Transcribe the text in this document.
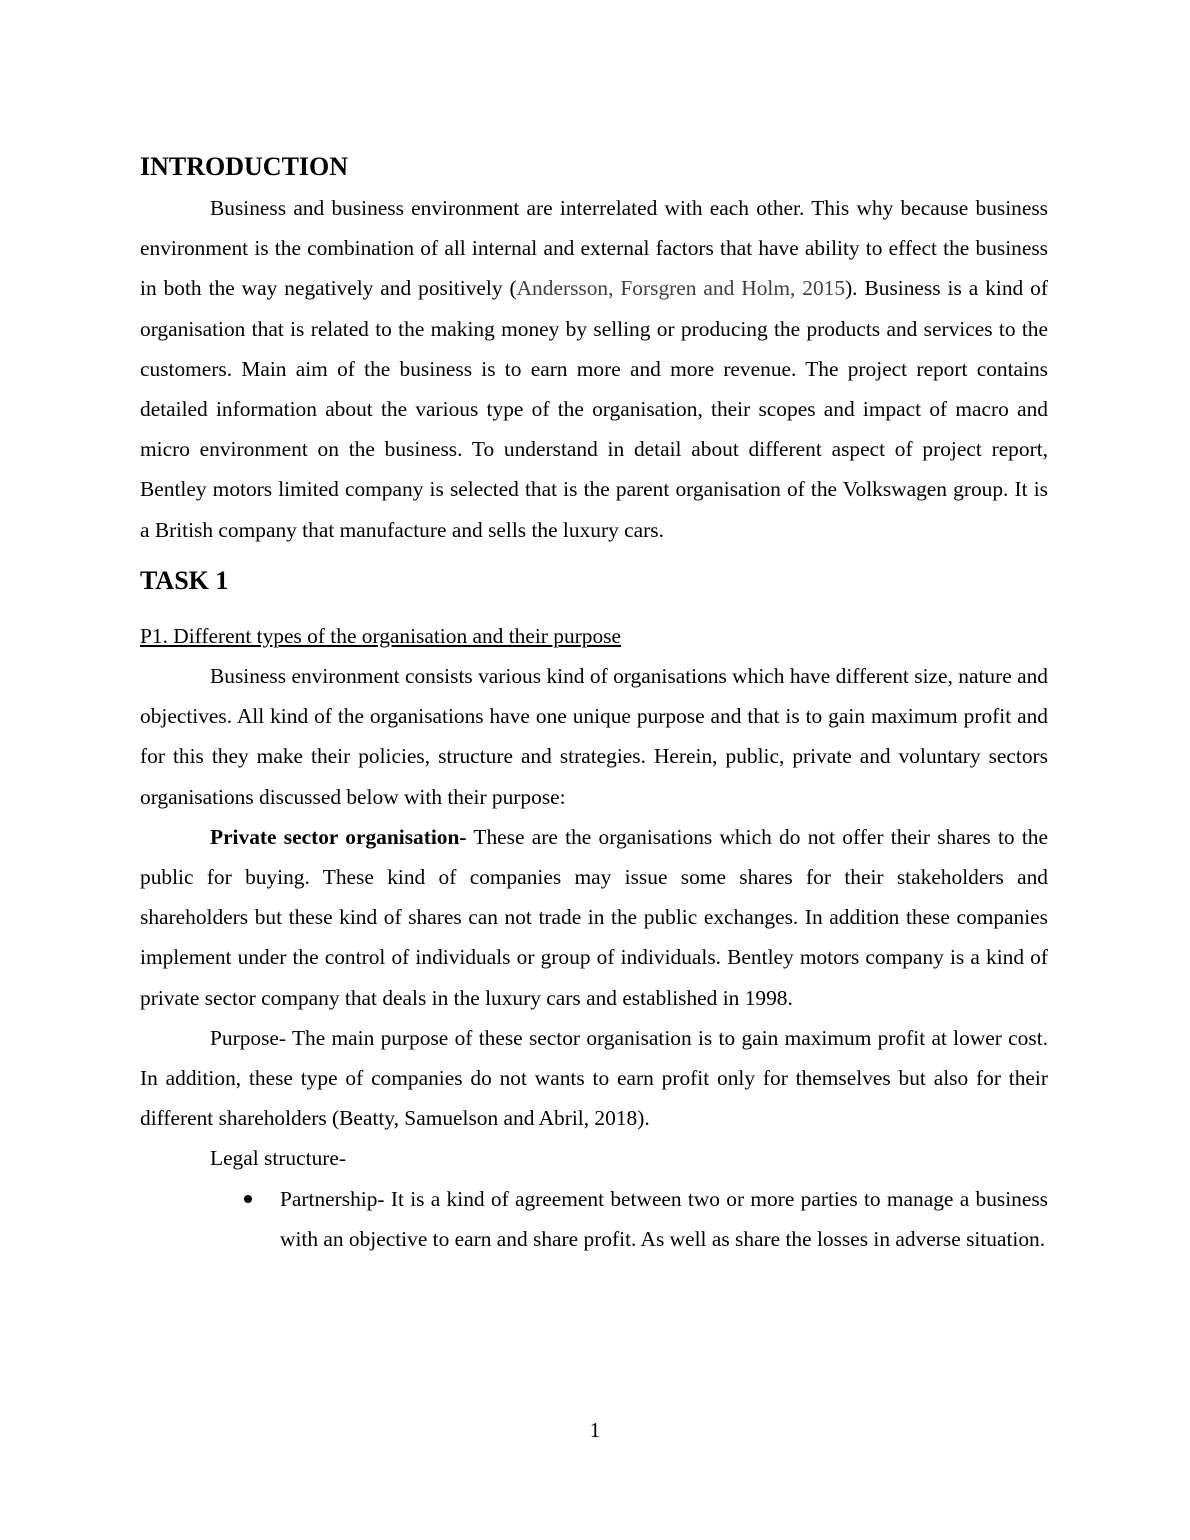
INTRODUCTION

Business and business environment are interrelated with each other. This why because business environment is the combination of all internal and external factors that have ability to effect the business in both the way negatively and positively (Andersson, Forsgren and Holm, 2015). Business is a kind of organisation that is related to the making money by selling or producing the products and services to the customers. Main aim of the business is to earn more and more revenue. The project report contains detailed information about the various type of the organisation, their scopes and impact of macro and micro environment on the business. To understand in detail about different aspect of project report, Bentley motors limited company is selected that is the parent organisation of the Volkswagen group. It is a British company that manufacture and sells the luxury cars.

TASK 1

P1. Different types of the organisation and their purpose

Business environment consists various kind of organisations which have different size, nature and objectives. All kind of the organisations have one unique purpose and that is to gain maximum profit and for this they make their policies, structure and strategies. Herein, public, private and voluntary sectors organisations discussed below with their purpose:

Private sector organisation- These are the organisations which do not offer their shares to the public for buying. These kind of companies may issue some shares for their stakeholders and shareholders but these kind of shares can not trade in the public exchanges. In addition these companies implement under the control of individuals or group of individuals. Bentley motors company is a kind of private sector company that deals in the luxury cars and established in 1998.

Purpose- The main purpose of these sector organisation is to gain maximum profit at lower cost. In addition, these type of companies do not wants to earn profit only for themselves but also for their different shareholders (Beatty, Samuelson and Abril, 2018).

Legal structure-

Partnership- It is a kind of agreement between two or more parties to manage a business with an objective to earn and share profit. As well as share the losses in adverse situation.
1
